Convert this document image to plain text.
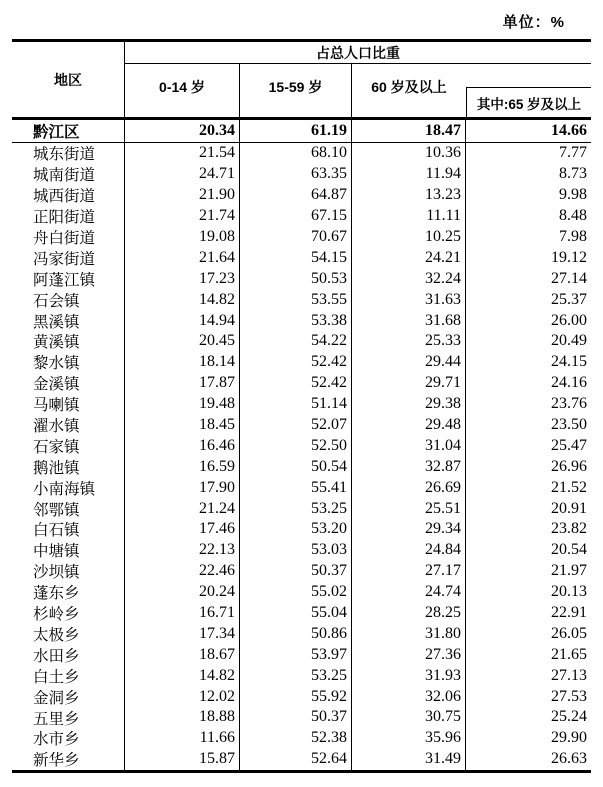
单位：%
地区
占总人口比重
0-14 岁	15-59 岁	60 岁及以上
其中:65 岁及以上
黔江区	20.34	61.19	18.47	14.66
城东街道	21.54	68.10	10.36	7.77
城南街道	24.71	63.35	11.94	8.73
城西街道	21.90	64.87	13.23	9.98
正阳街道	21.74	67.15	11.11	8.48
舟白街道	19.08	70.67	10.25	7.98
冯家街道	21.64	54.15	24.21	19.12
阿蓬江镇	17.23	50.53	32.24	27.14
石会镇	14.82	53.55	31.63	25.37
黑溪镇	14.94	53.38	31.68	26.00
黄溪镇	20.45	54.22	25.33	20.49
黎水镇	18.14	52.42	29.44	24.15
金溪镇	17.87	52.42	29.71	24.16
马喇镇	19.48	51.14	29.38	23.76
濯水镇	18.45	52.07	29.48	23.50
石家镇	16.46	52.50	31.04	25.47
鹅池镇	16.59	50.54	32.87	26.96
小南海镇	17.90	55.41	26.69	21.52
邻鄂镇	21.24	53.25	25.51	20.91
白石镇	17.46	53.20	29.34	23.82
中塘镇	22.13	53.03	24.84	20.54
沙坝镇	22.46	50.37	27.17	21.97
蓬东乡	20.24	55.02	24.74	20.13
杉岭乡	16.71	55.04	28.25	22.91
太极乡	17.34	50.86	31.80	26.05
水田乡	18.67	53.97	27.36	21.65
白土乡	14.82	53.25	31.93	27.13
金洞乡	12.02	55.92	32.06	27.53
五里乡	18.88	50.37	30.75	25.24
水市乡	11.66	52.38	35.96	29.90
新华乡	15.87	52.64	31.49	26.63
